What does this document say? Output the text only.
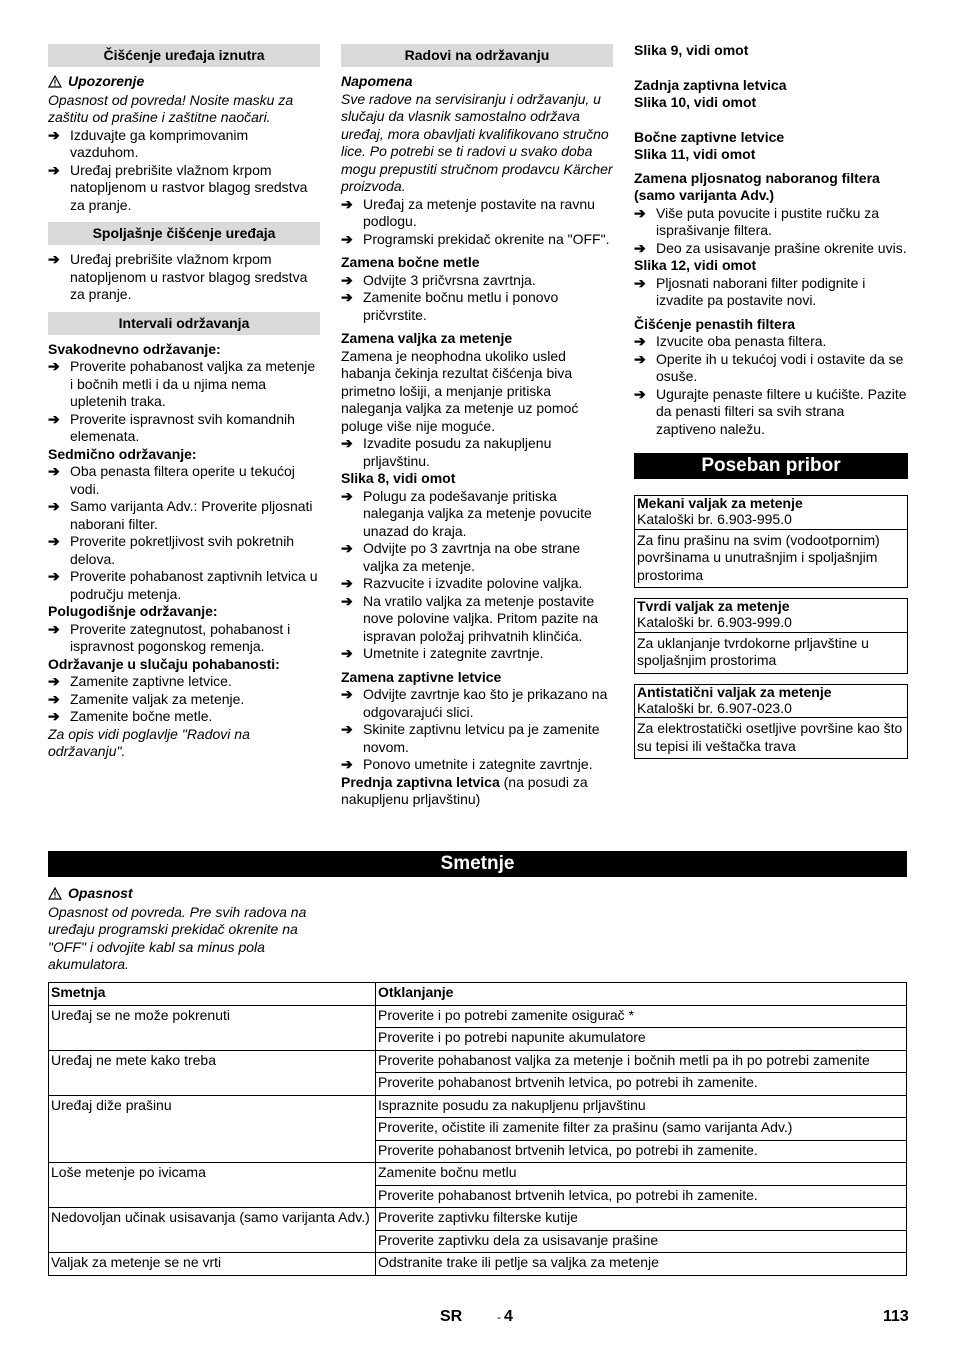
Čišćenje uređaja iznutra
Upozorenje

Opasnost od povreda! Nosite masku za zaštitu od prašine i zaštitne naočari.

➔ Izduvajte ga komprimovanim vazduhom.
➔ Uređaj prebrišite vlažnom krpom natopljenom u rastvor blagog sredstva za pranje.
Spoljašnje čišćenje uređaja
➔ Uređaj prebrišite vlažnom krpom natopljenom u rastvor blagog sredstva za pranje.
Intervali održavanja

Svakodnevno održavanje:

➔ Proverite pohabanost valjka za metenje i bočnih metli i da u njima nema upletenih traka.
➔ Proverite ispravnost svih komandnih elemenata.

Sedmično održavanje:

➔ Oba penasta filtera operite u tekućoj vodi.
➔ Samo varijanta Adv.: Proverite pljosnati naborani filter.
➔ Proverite pokretljivost svih pokretnih delova.
➔ Proverite pohabanost zaptivnih letvica u području metenja.

Polugodišnje održavanje:

➔ Proverite zategnutost, pohabanost i ispravnost pogonskog remenja.

Održavanje u slučaju pohabanosti:

➔ Zamenite zaptivne letvice.
➔ Zamenite valjak za metenje.
➔ Zamenite bočne metle.

Za opis vidi poglavlje "Radovi na održavanju".

Radovi na održavanju

Napomena

Sve radove na servisiranju i održavanju, u slučaju da vlasnik samostalno održava uređaj, mora obavljati kvalifikovano stručno lice. Po potrebi se ti radovi u svako doba mogu prepustiti stručnom prodavcu Kärcher proizvoda.

➔ Uređaj za metenje postavite na ravnu podlogu.
➔ Programski prekidač okrenite na "OFF".

Zamena bočne metle

➔ Odvijte 3 pričvrsna zavrtnja.
➔ Zamenite bočnu metlu i ponovo pričvrstite.

Zamena valjka za metenje

Zamena je neophodna ukoliko usled habanja čekinja rezultat čišćenja biva primetno lošiji, a menjanje pritiska naleganja valjka za metenje uz pomoć poluge više nije moguće.

➔ Izvadite posudu za nakupljenu prljavštinu.

Slika 8, vidi omot

➔ Polugu za podešavanje pritiska naleganja valjka za metenje povucite unazad do kraja.
➔ Odvijte po 3 zavrtnja na obe strane valjka za metenje.
➔ Razvucite i izvadite polovine valjka.
➔ Na vratilo valjka za metenje postavite nove polovine valjka. Pritom pazite na ispravan položaj prihvatnih klinčića.
➔ Umetnite i zategnite zavrtnje.

Zamena zaptivne letvice

➔ Odvijte zavrtnje kao što je prikazano na odgovarajući slici.
➔ Skinite zaptivnu letvicu pa je zamenite novom.
➔ Ponovo umetnite i zategnite zavrtnje.

Prednja zaptivna letvica (na posudi za nakupljenu prljavštinu)

Slika 9, vidi omot

Zadnja zaptivna letvica

Slika 10, vidi omot

Bočne zaptivne letvice

Slika 11, vidi omot

Zamena pljosnatog naboranog filtera (samo varijanta Adv.)

➔ Više puta povucite i pustite ručku za isprašivanje filtera.
➔ Deo za usisavanje prašine okrenite uvis.

Slika 12, vidi omot

➔ Pljosnati naborani filter podignite i izvadite pa postavite novi.

Čišćenje penastih filtera

➔ Izvucite oba penasta filtera.
➔ Operite ih u tekućoj vodi i ostavite da se osuše.
➔ Ugurajte penaste filtere u kućište. Pazite da penasti filteri sa svih strana zaptiveno naležu.
Poseban pribor
Mekani valjak za metenje
Kataloški br. 6.903-995.0
Za finu prašinu na svim (vodootpornim) površinama u unutrašnjim i spoljašnjim prostorima
Tvrdi valjak za metenje
Kataloški br. 6.903-999.0
Za uklanjanje tvrdokorne prljavštine u spoljašnjim prostorima
Antistatični valjak za metenje
Kataloški br. 6.907-023.0
Za elektrostatički osetljive površine kao što su tepisi ili veštačka trava
Smetnje
Opasnost

Opasnost od povreda. Pre svih radova na uređaju programski prekidač okrenite na "OFF" i odvojite kabl sa minus pola akumulatora.

Smetnja	Otklanjanje
Uređaj se ne može pokrenuti	Proverite i po potrebi zamenite osigurač *
	Proverite i po potrebi napunite akumulatore
Uređaj ne mete kako treba	Proverite pohabanost valjka za metenje i bočnih metli pa ih po potrebi zamenite
	Proverite pohabanost brtvenih letvica, po potrebi ih zamenite.
Uređaj diže prašinu	Ispraznite posudu za nakupljenu prljavštinu
	Proverite, očistite ili zamenite filter za prašinu (samo varijanta Adv.)
	Proverite pohabanost brtvenih letvica, po potrebi ih zamenite.
Loše metenje po ivicama	Zamenite bočnu metlu
	Proverite pohabanost brtvenih letvica, po potrebi ih zamenite.
Nedovoljan učinak usisavanja (samo varijanta Adv.)	Proverite zaptivku filterske kutije
	Proverite zaptivku dela za usisavanje prašine
Valjak za metenje se ne vrti	Odstranite trake ili petlje sa valjka za metenje
SR	- 4	113
